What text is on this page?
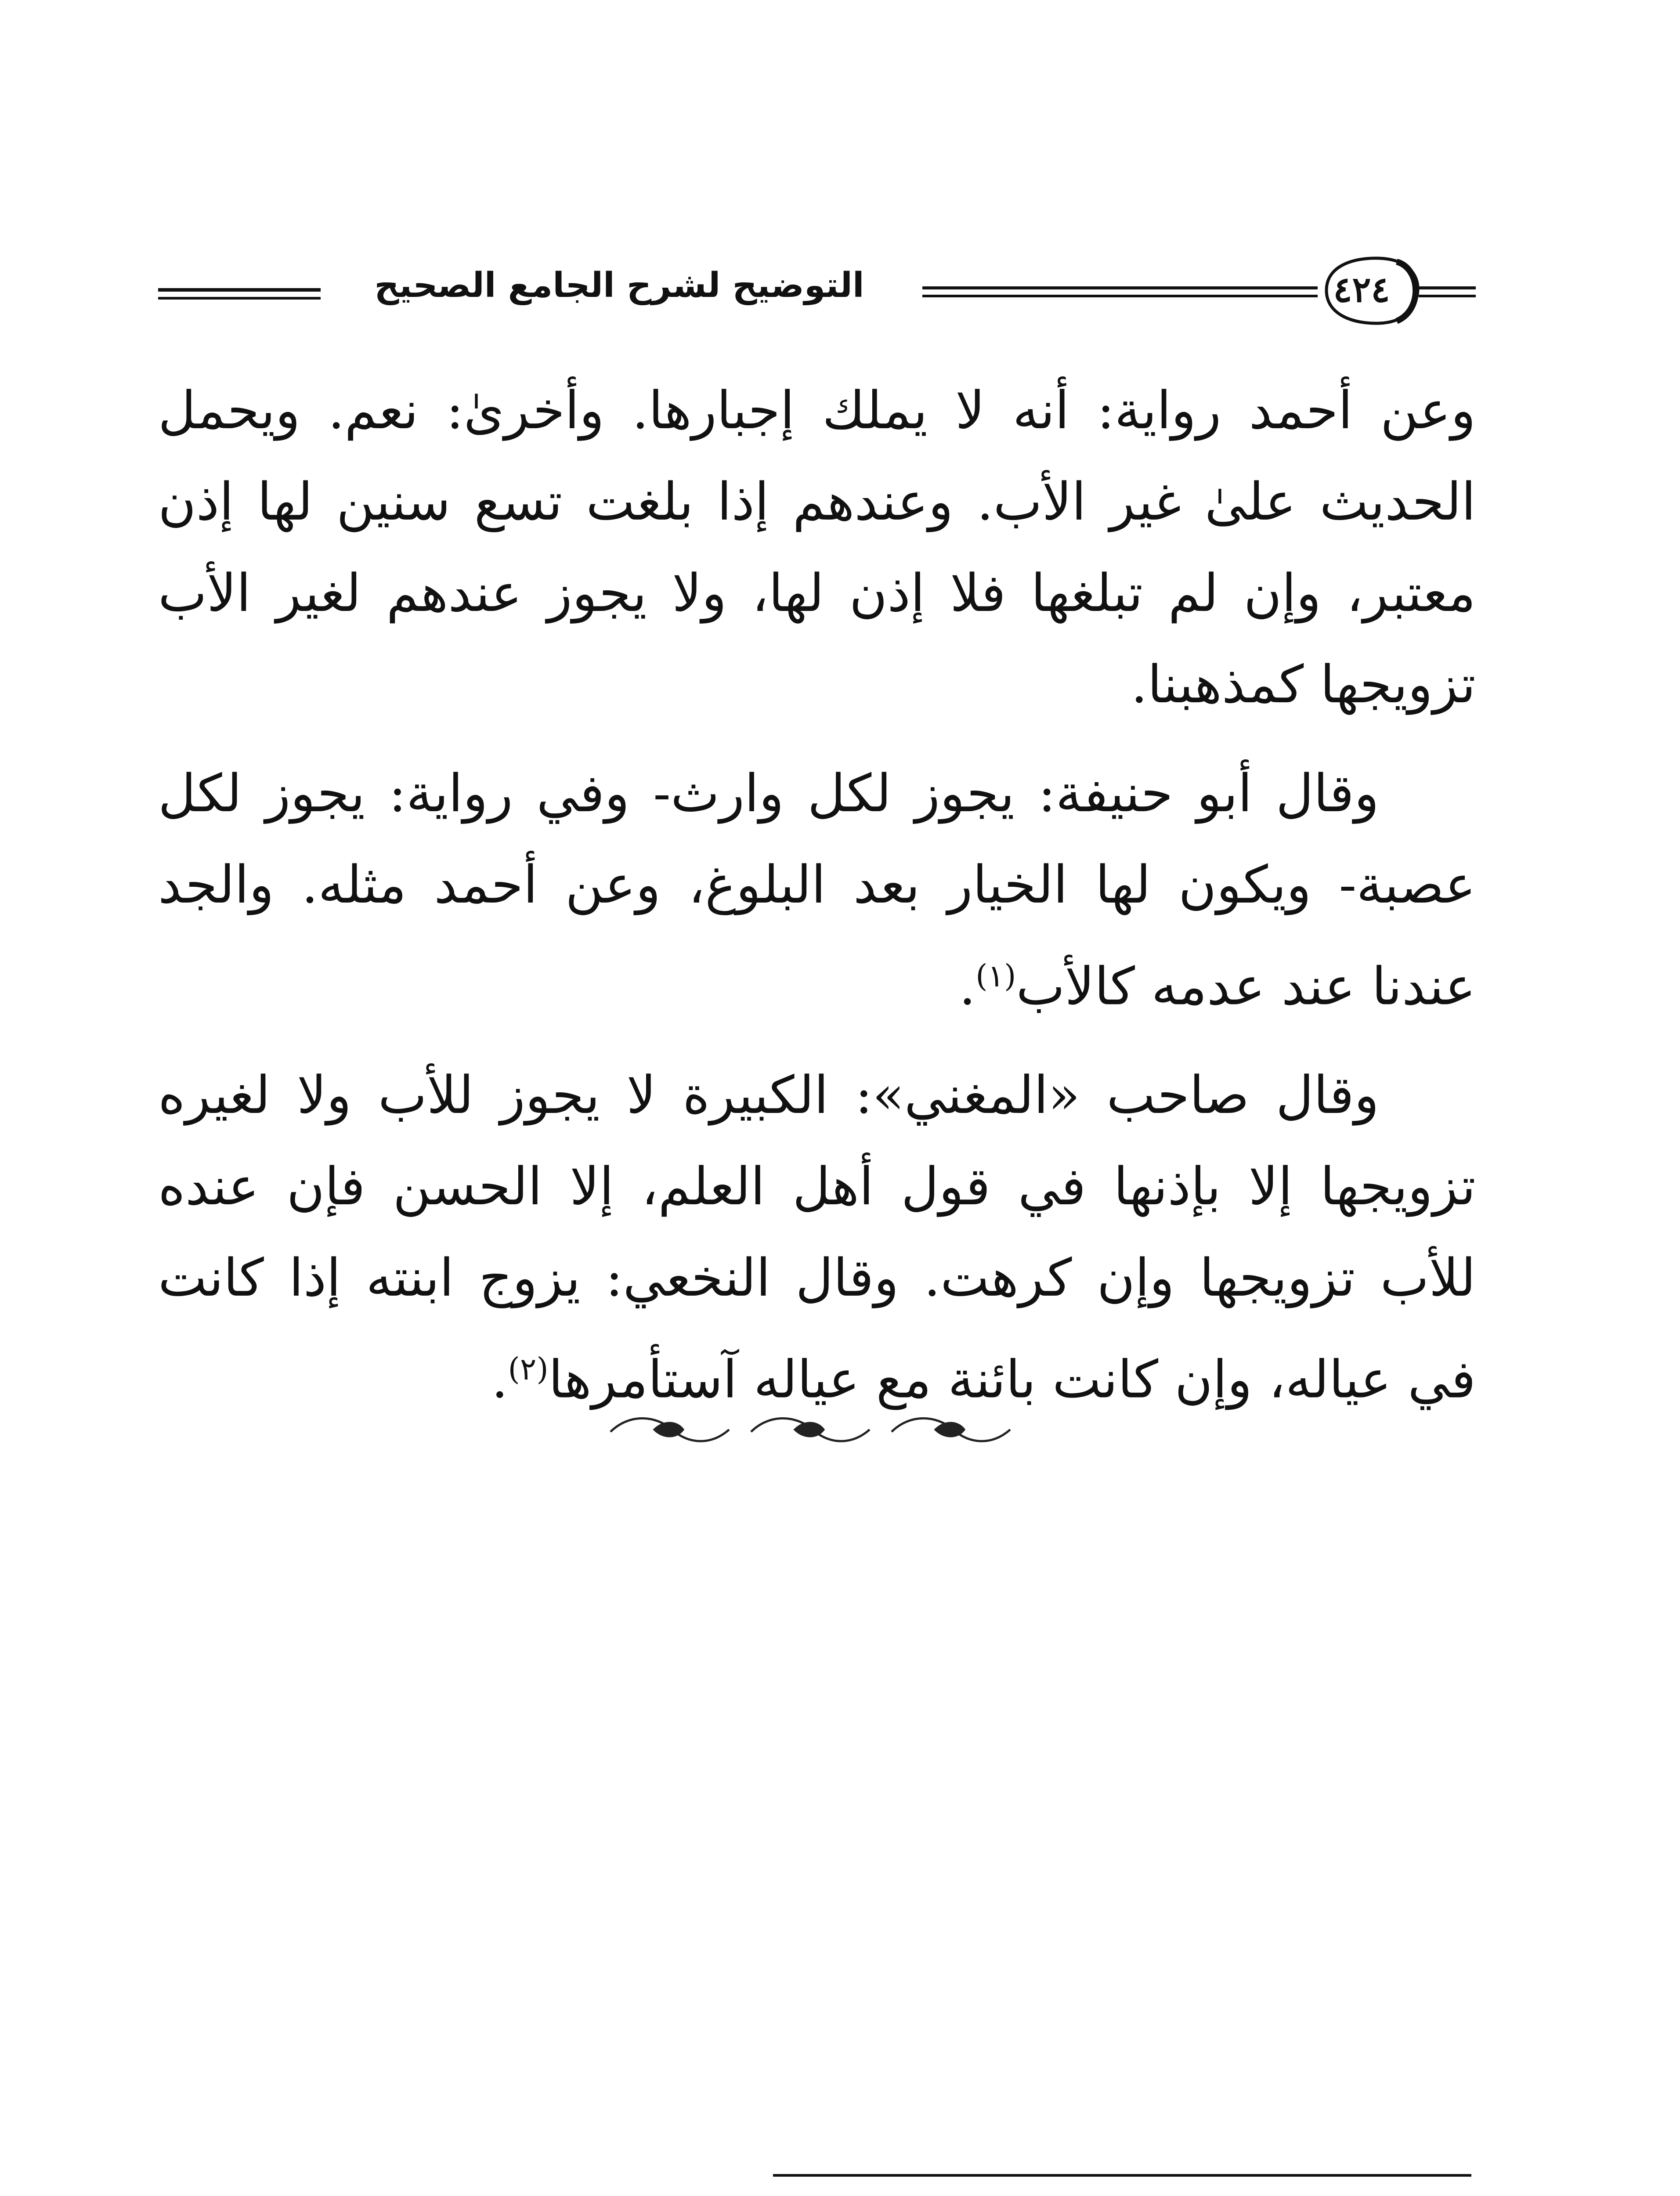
التوضيح لشرح الجامع الصحيح	٤٢٤

وعن أحمد رواية: أنه لا يملك إجبارها. وأخرىٰ: نعم. ويحمل الحديث علىٰ غير الأب. وعندهم إذا بلغت تسع سنين لها إذن معتبر، وإن لم تبلغها فلا إذن لها، ولا يجوز عندهم لغير الأب تزويجها كمذهبنا.

وقال أبو حنيفة: يجوز لكل وارث- وفي رواية: يجوز لكل عصبة- ويكون لها الخيار بعد البلوغ، وعن أحمد مثله. والجد عندنا عند عدمه كالأب$^{(١)}$.

وقال صاحب «المغني»: الكبيرة لا يجوز للأب ولا لغيره تزويجها إلا بإذنها في قول أهل العلم، إلا الحسن فإن عنده للأب تزويجها وإن كرهت. وقال النخعي: يزوج ابنته إذا كانت في عياله، وإن كانت بائنة مع عياله آستأمرها$^{(٢)}$.
